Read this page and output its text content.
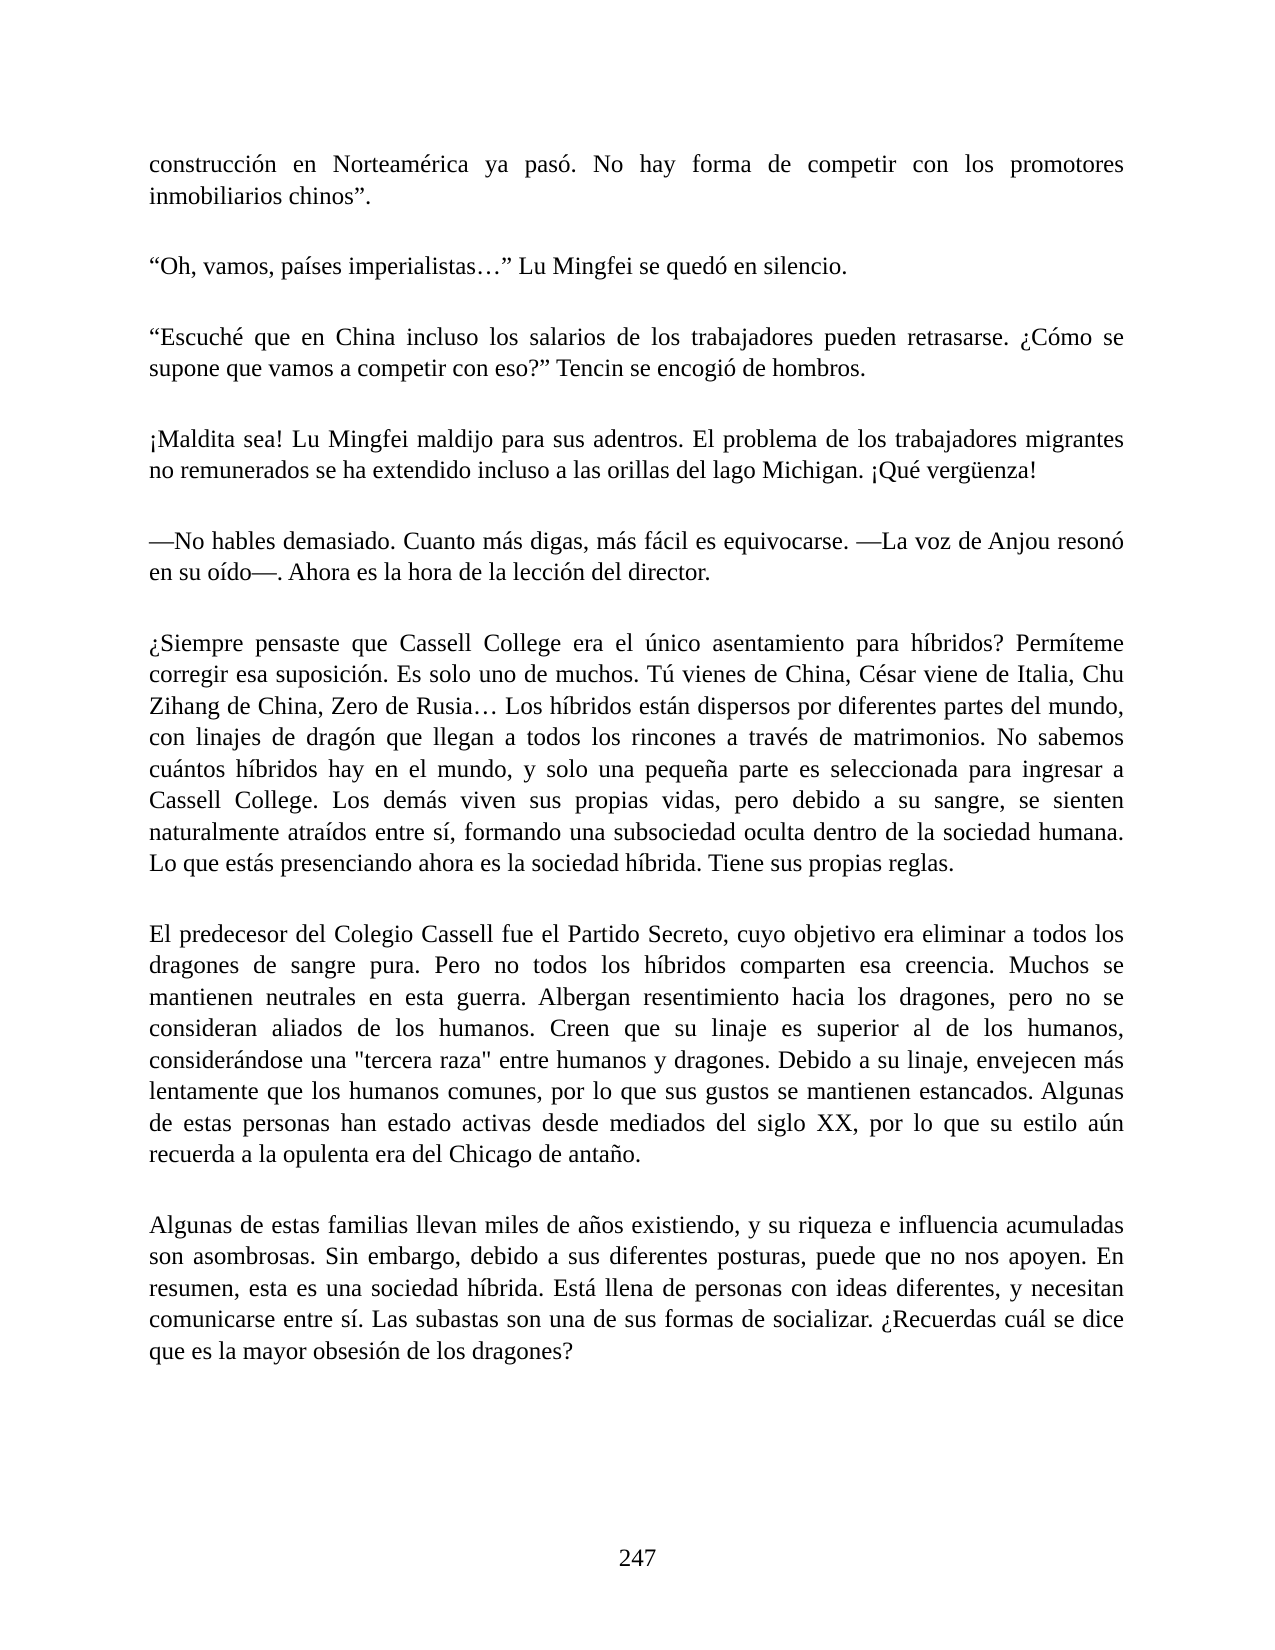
construcción en Norteamérica ya pasó. No hay forma de competir con los promotores inmobiliarios chinos”.

“Oh, vamos, países imperialistas…” Lu Mingfei se quedó en silencio.

“Escuché que en China incluso los salarios de los trabajadores pueden retrasarse. ¿Cómo se supone que vamos a competir con eso?” Tencin se encogió de hombros.

¡Maldita sea! Lu Mingfei maldijo para sus adentros. El problema de los trabajadores migrantes no remunerados se ha extendido incluso a las orillas del lago Michigan. ¡Qué vergüenza!

—No hables demasiado. Cuanto más digas, más fácil es equivocarse. —La voz de Anjou resonó en su oído—. Ahora es la hora de la lección del director.

¿Siempre pensaste que Cassell College era el único asentamiento para híbridos? Permíteme corregir esa suposición. Es solo uno de muchos. Tú vienes de China, César viene de Italia, Chu Zihang de China, Zero de Rusia… Los híbridos están dispersos por diferentes partes del mundo, con linajes de dragón que llegan a todos los rincones a través de matrimonios. No sabemos cuántos híbridos hay en el mundo, y solo una pequeña parte es seleccionada para ingresar a Cassell College. Los demás viven sus propias vidas, pero debido a su sangre, se sienten naturalmente atraídos entre sí, formando una subsociedad oculta dentro de la sociedad humana. Lo que estás presenciando ahora es la sociedad híbrida. Tiene sus propias reglas.

El predecesor del Colegio Cassell fue el Partido Secreto, cuyo objetivo era eliminar a todos los dragones de sangre pura. Pero no todos los híbridos comparten esa creencia. Muchos se mantienen neutrales en esta guerra. Albergan resentimiento hacia los dragones, pero no se consideran aliados de los humanos. Creen que su linaje es superior al de los humanos, considerándose una "tercera raza" entre humanos y dragones. Debido a su linaje, envejecen más lentamente que los humanos comunes, por lo que sus gustos se mantienen estancados. Algunas de estas personas han estado activas desde mediados del siglo XX, por lo que su estilo aún recuerda a la opulenta era del Chicago de antaño.

Algunas de estas familias llevan miles de años existiendo, y su riqueza e influencia acumuladas son asombrosas. Sin embargo, debido a sus diferentes posturas, puede que no nos apoyen. En resumen, esta es una sociedad híbrida. Está llena de personas con ideas diferentes, y necesitan comunicarse entre sí. Las subastas son una de sus formas de socializar. ¿Recuerdas cuál se dice que es la mayor obsesión de los dragones?

247
